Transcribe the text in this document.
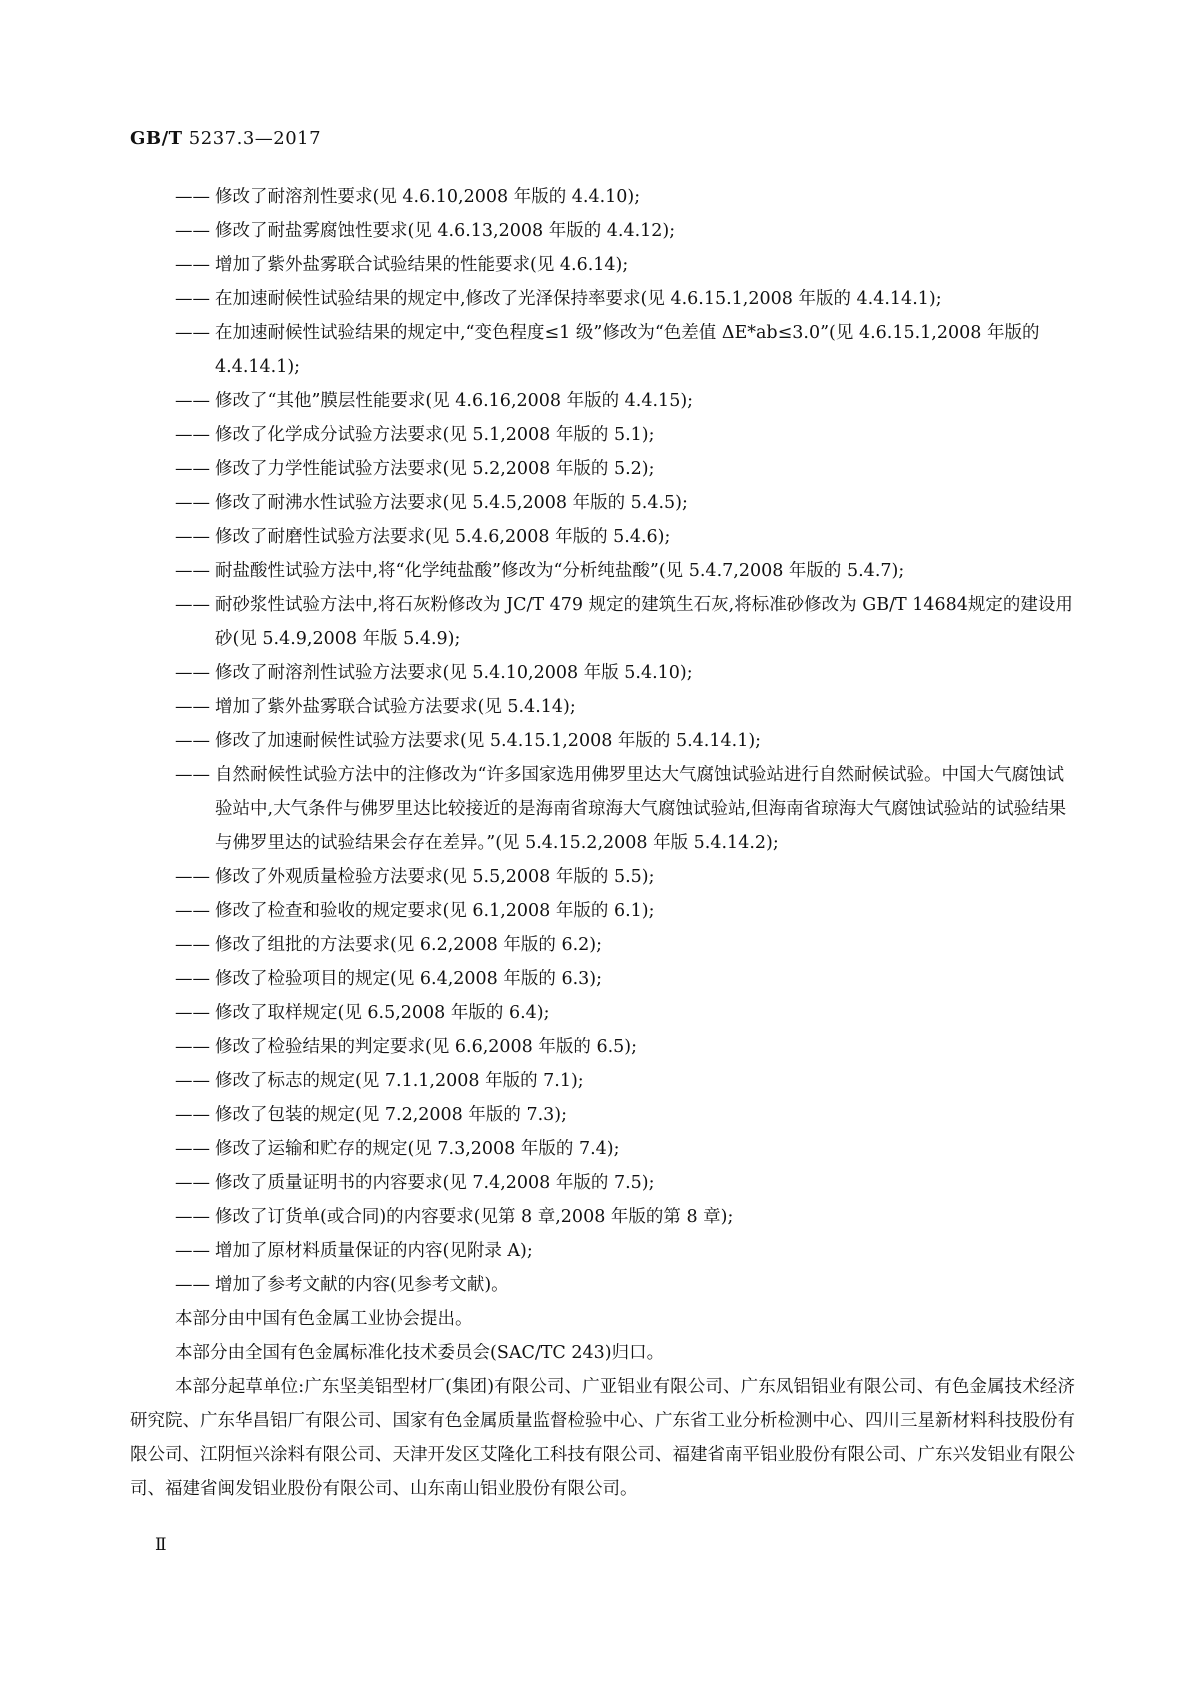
GB/T 5237.3—2017
—— 修改了耐溶剂性要求(见 4.6.10,2008 年版的 4.4.10);
—— 修改了耐盐雾腐蚀性要求(见 4.6.13,2008 年版的 4.4.12);
—— 增加了紫外盐雾联合试验结果的性能要求(见 4.6.14);
—— 在加速耐候性试验结果的规定中,修改了光泽保持率要求(见 4.6.15.1,2008 年版的 4.4.14.1);
—— 在加速耐候性试验结果的规定中,“变色程度≤1 级”修改为“色差值 ΔE*ab≤3.0”(见 4.6.15.1,2008 年版的 4.4.14.1);
—— 修改了“其他”膜层性能要求(见 4.6.16,2008 年版的 4.4.15);
—— 修改了化学成分试验方法要求(见 5.1,2008 年版的 5.1);
—— 修改了力学性能试验方法要求(见 5.2,2008 年版的 5.2);
—— 修改了耐沸水性试验方法要求(见 5.4.5,2008 年版的 5.4.5);
—— 修改了耐磨性试验方法要求(见 5.4.6,2008 年版的 5.4.6);
—— 耐盐酸性试验方法中,将“化学纯盐酸”修改为“分析纯盐酸”(见 5.4.7,2008 年版的 5.4.7);
—— 耐砂浆性试验方法中,将石灰粉修改为 JC/T 479 规定的建筑生石灰,将标准砂修改为 GB/T 14684规定的建设用砂(见 5.4.9,2008 年版 5.4.9);
—— 修改了耐溶剂性试验方法要求(见 5.4.10,2008 年版 5.4.10);
—— 增加了紫外盐雾联合试验方法要求(见 5.4.14);
—— 修改了加速耐候性试验方法要求(见 5.4.15.1,2008 年版的 5.4.14.1);
—— 自然耐候性试验方法中的注修改为“许多国家选用佛罗里达大气腐蚀试验站进行自然耐候试验。中国大气腐蚀试验站中,大气条件与佛罗里达比较接近的是海南省琼海大气腐蚀试验站,但海南省琼海大气腐蚀试验站的试验结果与佛罗里达的试验结果会存在差异。”(见 5.4.15.2,2008 年版 5.4.14.2);
—— 修改了外观质量检验方法要求(见 5.5,2008 年版的 5.5);
—— 修改了检查和验收的规定要求(见 6.1,2008 年版的 6.1);
—— 修改了组批的方法要求(见 6.2,2008 年版的 6.2);
—— 修改了检验项目的规定(见 6.4,2008 年版的 6.3);
—— 修改了取样规定(见 6.5,2008 年版的 6.4);
—— 修改了检验结果的判定要求(见 6.6,2008 年版的 6.5);
—— 修改了标志的规定(见 7.1.1,2008 年版的 7.1);
—— 修改了包装的规定(见 7.2,2008 年版的 7.3);
—— 修改了运输和贮存的规定(见 7.3,2008 年版的 7.4);
—— 修改了质量证明书的内容要求(见 7.4,2008 年版的 7.5);
—— 修改了订货单(或合同)的内容要求(见第 8 章,2008 年版的第 8 章);
—— 增加了原材料质量保证的内容(见附录 A);
—— 增加了参考文献的内容(见参考文献)。

本部分由中国有色金属工业协会提出。

本部分由全国有色金属标准化技术委员会(SAC/TC 243)归口。

本部分起草单位:广东坚美铝型材厂(集团)有限公司、广亚铝业有限公司、广东凤铝铝业有限公司、有色金属技术经济研究院、广东华昌铝厂有限公司、国家有色金属质量监督检验中心、广东省工业分析检测中心、四川三星新材料科技股份有限公司、江阴恒兴涂料有限公司、天津开发区艾隆化工科技有限公司、福建省南平铝业股份有限公司、广东兴发铝业有限公司、福建省闽发铝业股份有限公司、山东南山铝业股份有限公司。

Ⅱ
